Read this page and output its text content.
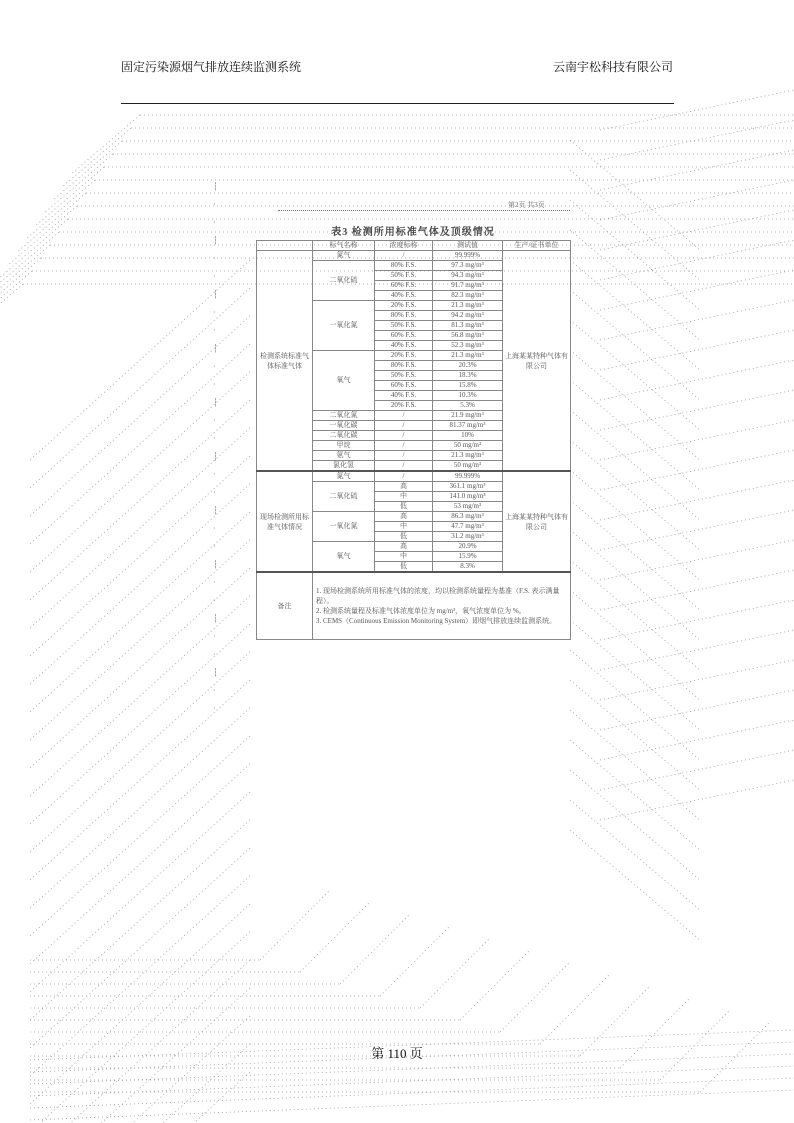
固定污染源烟气排放连续监测系统	云南宇松科技有限公司
┆
·
·
┆
·
·
┆
·
·
┆
·
·
┆
·
·
┆
·
·
┆
·
·
┆
·
·
┆
·
·
┆
·
·
第2页 共3页
表3 检测所用标准气体及顶级情况
	标气名称	浓度标称	测试值	生产/证书单位
检测系统标准气体标准气体	氮气	/	99.999%	上海某某特种气体有限公司
	二氧化硫	80% F.S.	97.3 mg/m³	
		50% F.S.	94.3 mg/m³	
		60% F.S.	91.7 mg/m³	
		40% F.S.	82.3 mg/m³	
	一氧化氮	20% F.S.	21.3 mg/m³	
		80% F.S.	94.2 mg/m³	
		50% F.S.	81.3 mg/m³	
		60% F.S.	56.8 mg/m³	
		40% F.S.	52.3 mg/m³	
	氧气	20% F.S.	21.3 mg/m³	
		80% F.S.	20.3%	
		50% F.S.	18.3%	
		60% F.S.	15.8%	
		40% F.S.	10.3%	
		20% F.S.	5.3%	
	二氧化氮	/	21.9 mg/m³	
	一氧化碳	/	81.37 mg/m³	
	二氧化碳	/	10%	
	甲烷	/	50 mg/m³	
	氨气	/	21.3 mg/m³	
	氯化氢	/	50 mg/m³	
现场检测所用标准气体情况	氮气	/	99.999%	上海某某特种气体有限公司
	二氧化硫	高	361.1 mg/m³	
		中	141.0 mg/m³	
		低	53 mg/m³	
	一氧化氮	高	86.3 mg/m³	
		中	47.7 mg/m³	
		低	31.2 mg/m³	
	氧气	高	20.9%	
		中	15.9%	
		低	8.3%	
备注	1. 现场检测系统所用标准气体的浓度，均以检测系统量程为基准（F.S. 表示满量程）。
2. 检测系统量程及标准气体浓度单位为 mg/m³，氧气浓度单位为 %。
3. CEMS（Continuous Emission Monitoring System）即烟气排放连续监测系统。			
第 110 页
